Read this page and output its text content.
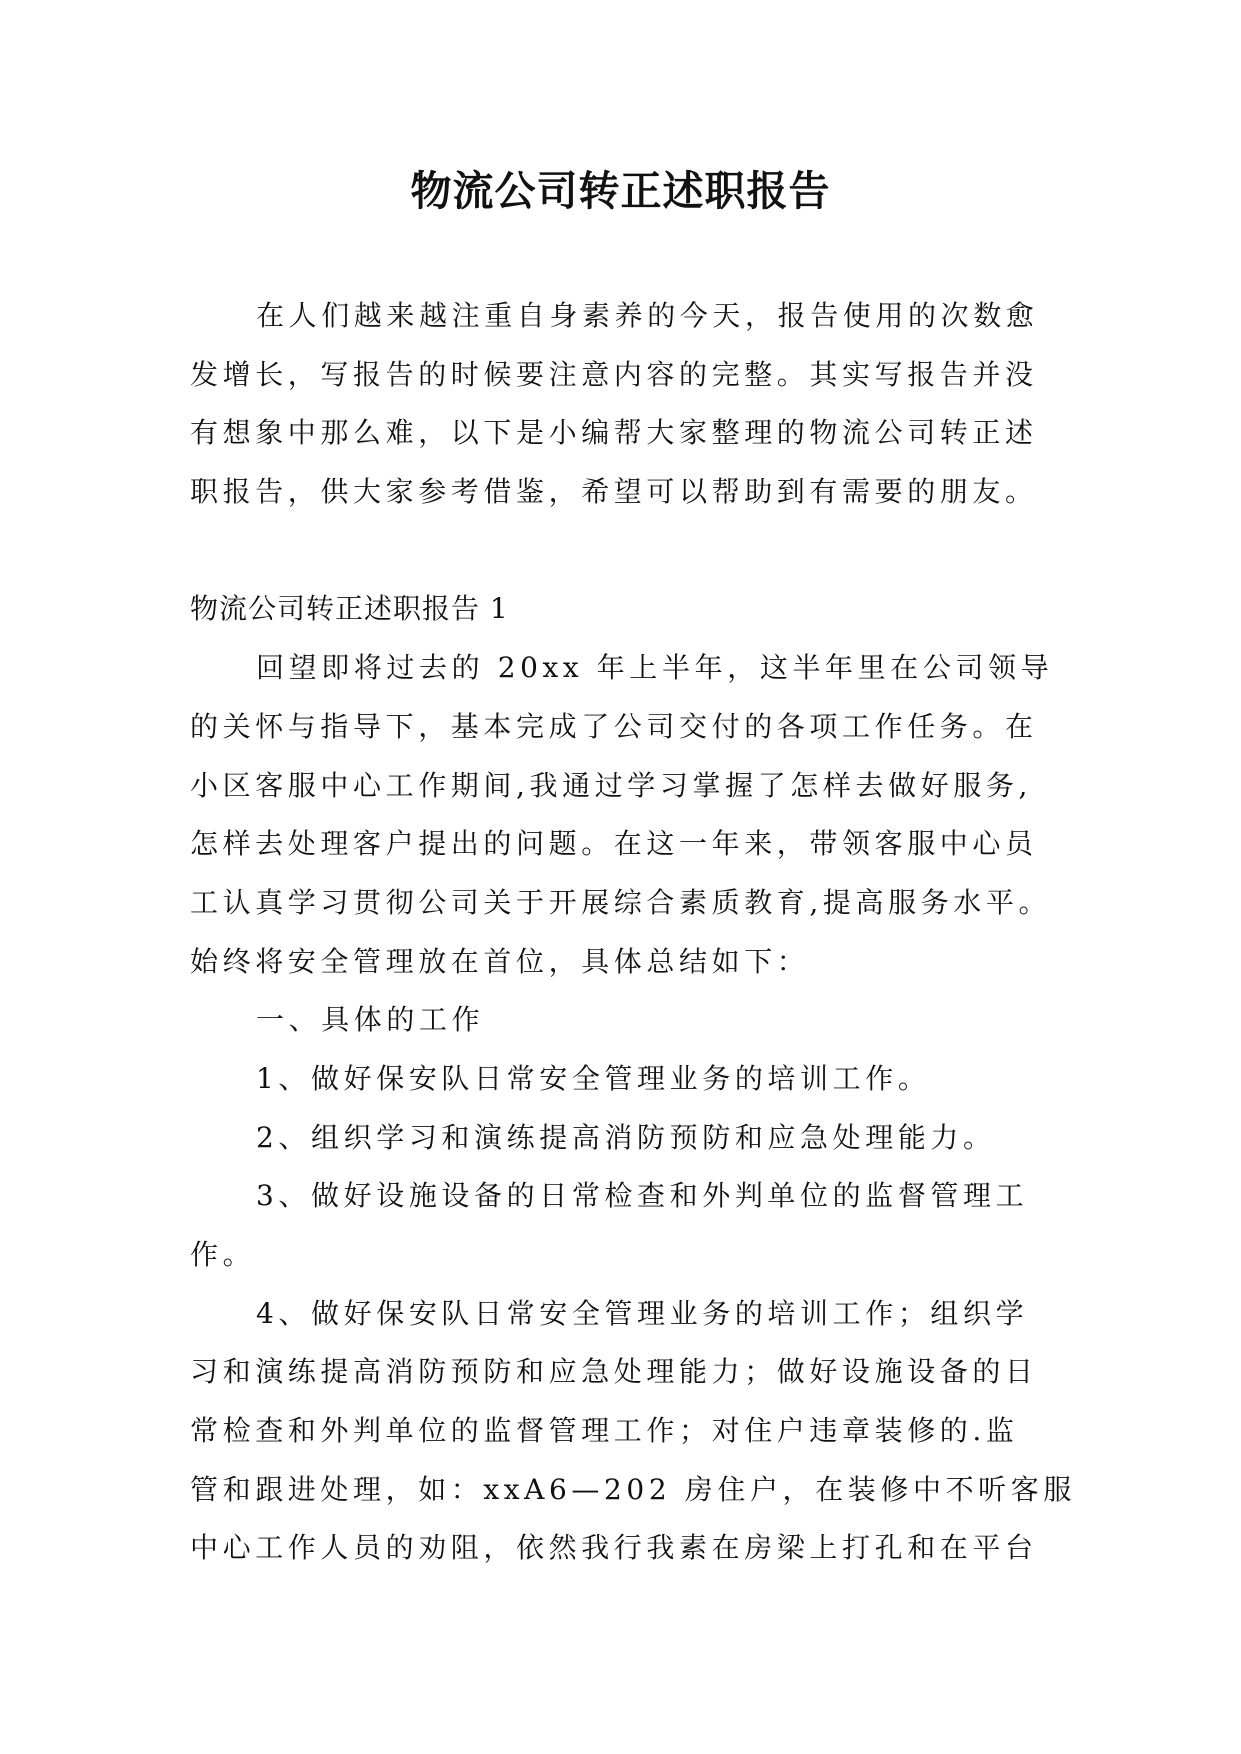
物流公司转正述职报告
在人们越来越注重自身素养的今天，报告使用的次数愈
发增长，写报告的时候要注意内容的完整。其实写报告并没
有想象中那么难，以下是小编帮大家整理的物流公司转正述
职报告，供大家参考借鉴，希望可以帮助到有需要的朋友。
物流公司转正述职报告 1
回望即将过去的 20xx 年上半年，这半年里在公司领导
的关怀与指导下，基本完成了公司交付的各项工作任务。在
小区客服中心工作期间,我通过学习掌握了怎样去做好服务,
怎样去处理客户提出的问题。在这一年来，带领客服中心员
工认真学习贯彻公司关于开展综合素质教育,提高服务水平。
始终将安全管理放在首位，具体总结如下：
一、具体的工作
1、做好保安队日常安全管理业务的培训工作。
2、组织学习和演练提高消防预防和应急处理能力。
3、做好设施设备的日常检查和外判单位的监督管理工
作。
4、做好保安队日常安全管理业务的培训工作；组织学
习和演练提高消防预防和应急处理能力；做好设施设备的日
常检查和外判单位的监督管理工作；对住户违章装修的.监
管和跟进处理，如：xxA6—202 房住户，在装修中不听客服
中心工作人员的劝阻，依然我行我素在房梁上打孔和在平台
